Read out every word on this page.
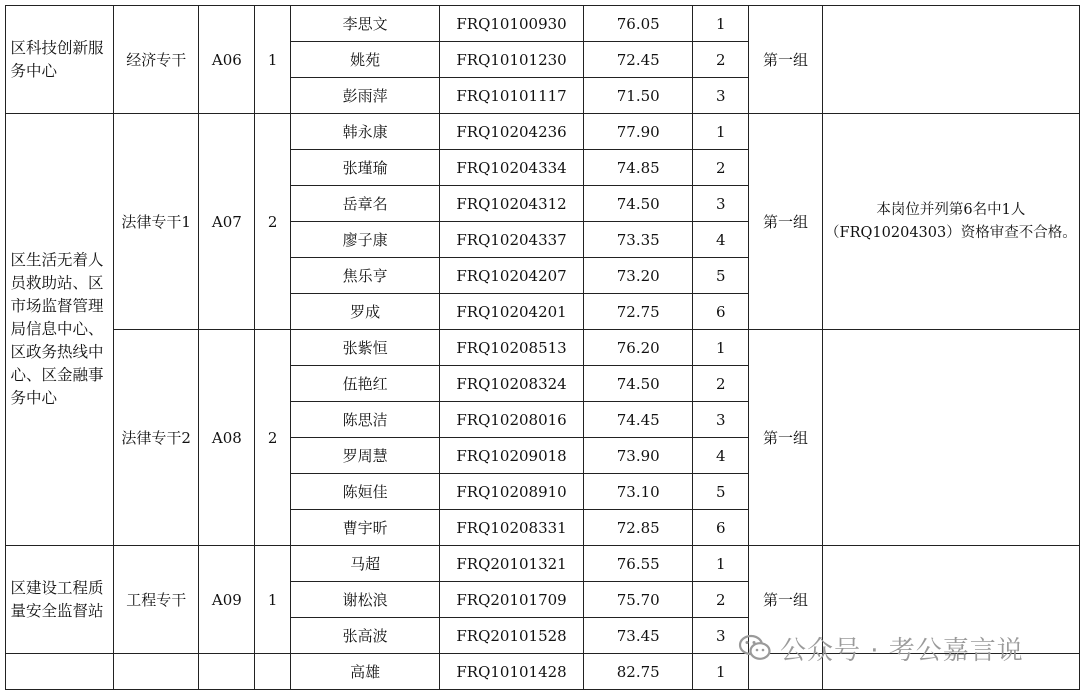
区科技创新服务中心	经济专干	A06	1	李思文	FRQ10100930	76.05	1	第一组	
				姚苑	FRQ10101230	72.45	2		
				彭雨萍	FRQ10101117	71.50	3		
区生活无着人员救助站、区市场监督管理局信息中心、区政务热线中心、区金融事务中心	法律专干1	A07	2	韩永康	FRQ10204236	77.90	1	第一组	本岗位并列第6名中1人（FRQ10204303）资格审查不合格。
				张瑾瑜	FRQ10204334	74.85	2		
				岳章名	FRQ10204312	74.50	3		
				廖子康	FRQ10204337	73.35	4		
				焦乐亨	FRQ10204207	73.20	5		
				罗成	FRQ10204201	72.75	6		
	法律专干2	A08	2	张紫恒	FRQ10208513	76.20	1	第一组	
				伍艳红	FRQ10208324	74.50	2		
				陈思洁	FRQ10208016	74.45	3		
				罗周慧	FRQ10209018	73.90	4		
				陈姮佳	FRQ10208910	73.10	5		
				曹宇昕	FRQ10208331	72.85	6		
区建设工程质量安全监督站	工程专干	A09	1	马超	FRQ20101321	76.55	1	第一组	
				谢松浪	FRQ20101709	75.70	2		
				张高波	FRQ20101528	73.45	3		
				高雄	FRQ10101428	82.75	1		
公众号 · 考公嘉言说
